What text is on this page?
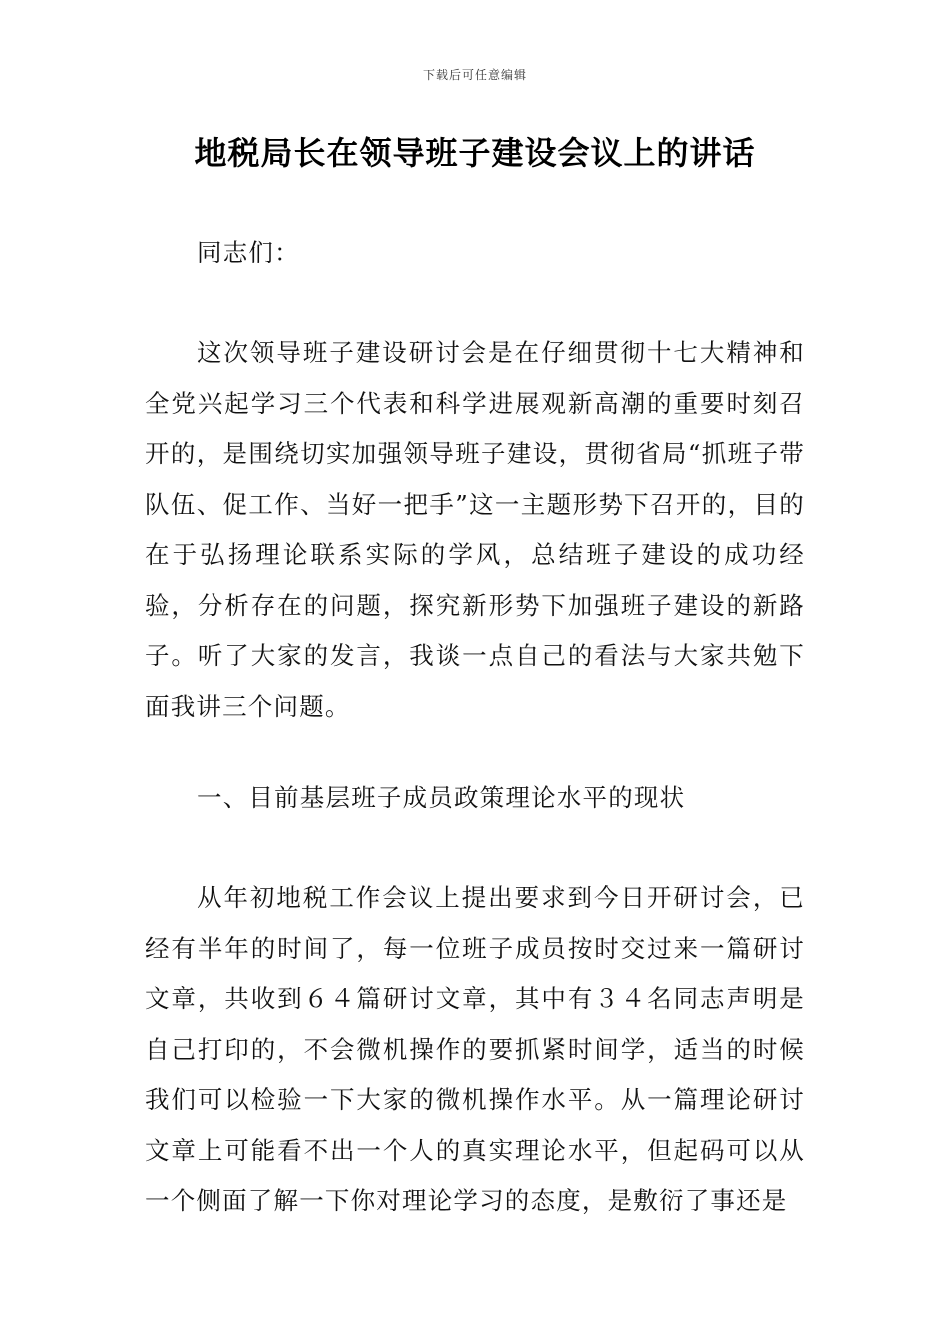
下载后可任意编辑
地税局长在领导班子建设会议上的讲话

同志们：

这次领导班子建设研讨会是在仔细贯彻十七大精神和全党兴起学习三个代表和科学进展观新高潮的重要时刻召开的，是围绕切实加强领导班子建设，贯彻省局“抓班子带队伍、促工作、当好一把手”这一主题形势下召开的，目的在于弘扬理论联系实际的学风，总结班子建设的成功经验，分析存在的问题，探究新形势下加强班子建设的新路子。听了大家的发言，我谈一点自己的看法与大家共勉下面我讲三个问题。

一、目前基层班子成员政策理论水平的现状

从年初地税工作会议上提出要求到今日开研讨会，已经有半年的时间了，每一位班子成员按时交过来一篇研讨文章，共收到６４篇研讨文章，其中有３４名同志声明是自己打印的，不会微机操作的要抓紧时间学，适当的时候我们可以检验一下大家的微机操作水平。从一篇理论研讨文章上可能看不出一个人的真实理论水平，但起码可以从一个侧面了解一下你对理论学习的态度，是敷衍了事还是
